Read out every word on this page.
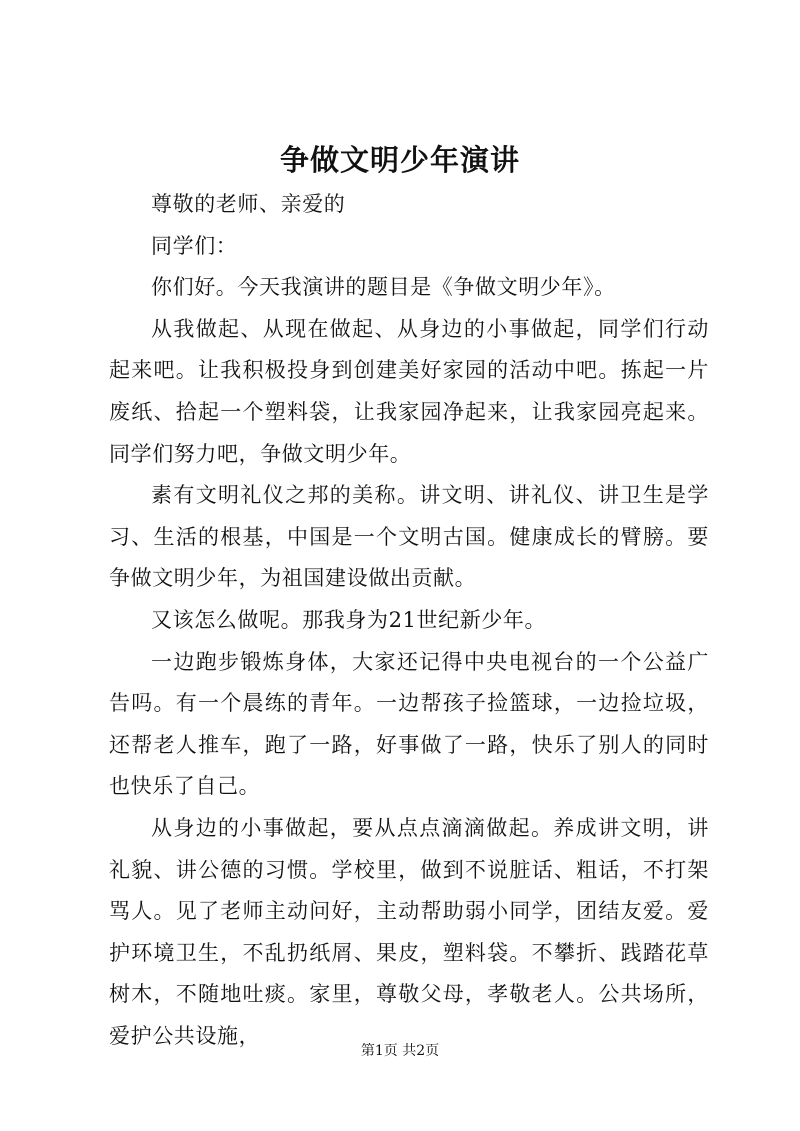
争做文明少年演讲

尊敬的老师、亲爱的

同学们：

你们好。今天我演讲的题目是《争做文明少年》。

从我做起、从现在做起、从身边的小事做起，同学们行动起来吧。让我积极投身到创建美好家园的活动中吧。拣起一片废纸、拾起一个塑料袋，让我家园净起来，让我家园亮起来。同学们努力吧，争做文明少年。

素有文明礼仪之邦的美称。讲文明、讲礼仪、讲卫生是学习、生活的根基，中国是一个文明古国。健康成长的臂膀。要争做文明少年，为祖国建设做出贡献。

又该怎么做呢。那我身为21世纪新少年。

一边跑步锻炼身体，大家还记得中央电视台的一个公益广告吗。有一个晨练的青年。一边帮孩子捡篮球，一边捡垃圾，还帮老人推车，跑了一路，好事做了一路，快乐了别人的同时也快乐了自己。

从身边的小事做起，要从点点滴滴做起。养成讲文明，讲礼貌、讲公德的习惯。学校里，做到不说脏话、粗话，不打架骂人。见了老师主动问好，主动帮助弱小同学，团结友爱。爱护环境卫生，不乱扔纸屑、果皮，塑料袋。不攀折、践踏花草树木，不随地吐痰。家里，尊敬父母，孝敬老人。公共场所，爱护公共设施，

第1页 共2页
